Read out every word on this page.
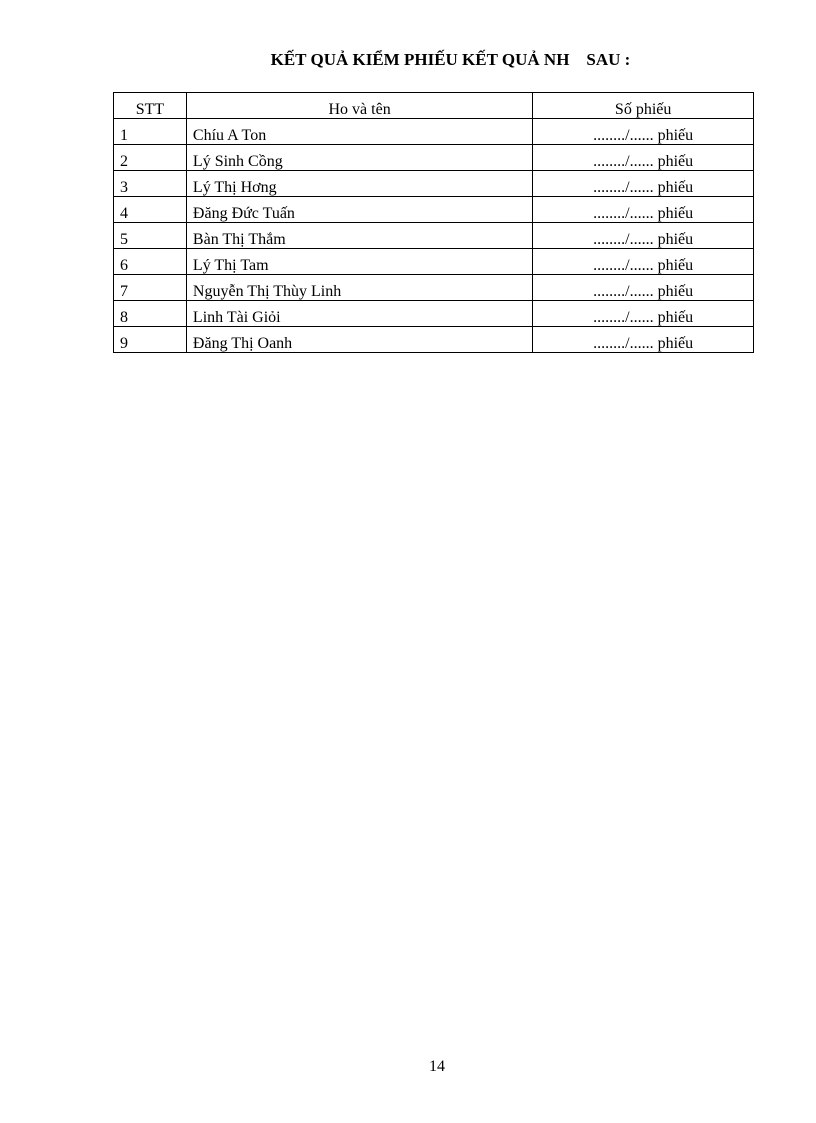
KẾT QUẢ KIỂM PHIẾU KẾT QUẢ NH    SAU :
STT	Ho và tên	Số phiếu
1	Chíu A Ton	......../...... phiếu
2	Lý Sinh Cồng	......../...... phiếu
3	Lý Thị Hơng	......../...... phiếu
4	Đăng Đức Tuấn	......../...... phiếu
5	Bàn Thị Thắm	......../...... phiếu
6	Lý Thị Tam	......../...... phiếu
7	Nguyễn Thị Thùy Linh	......../...... phiếu
8	Linh Tài Giỏi	......../...... phiếu
9	Đăng Thị Oanh	......../...... phiếu
14
